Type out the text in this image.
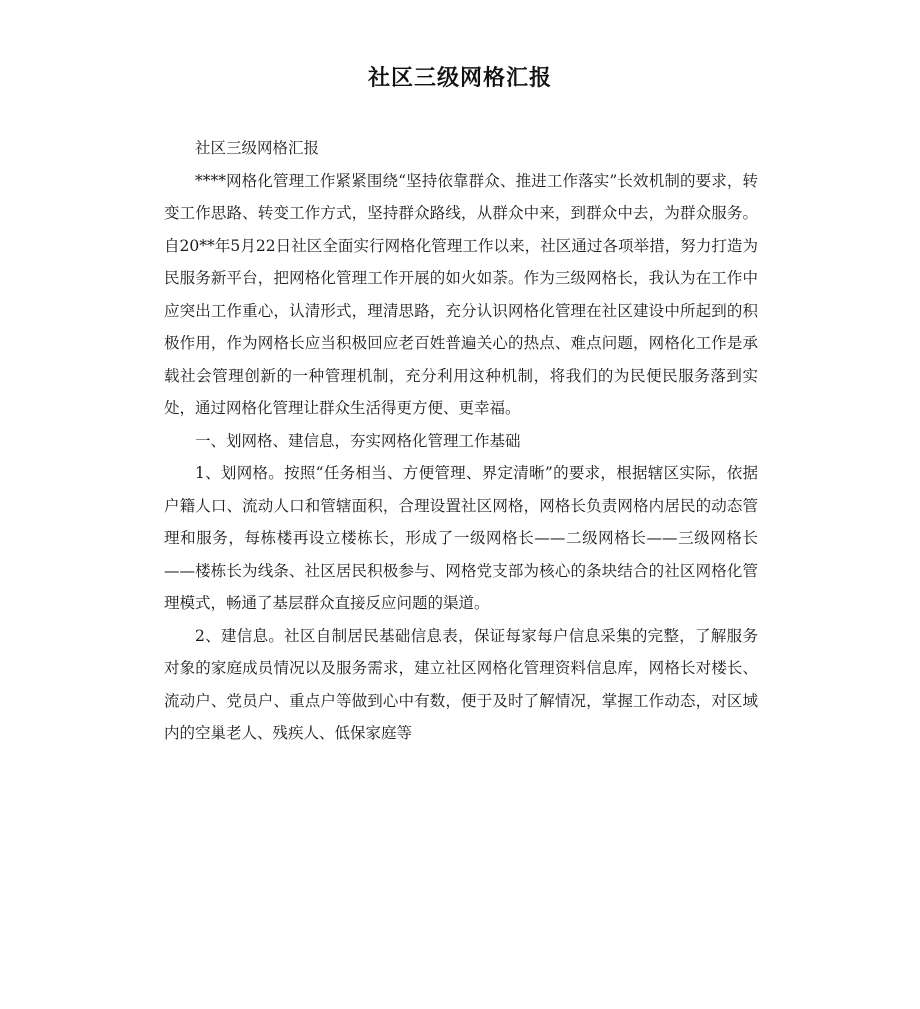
社区三级网格汇报

社区三级网格汇报

****网格化管理工作紧紧围绕“坚持依靠群众、推进工作落实”长效机制的要求，转变工作思路、转变工作方式，坚持群众路线，从群众中来，到群众中去，为群众服务。自20**年5月22日社区全面实行网格化管理工作以来，社区通过各项举措，努力打造为民服务新平台，把网格化管理工作开展的如火如荼。作为三级网格长，我认为在工作中应突出工作重心，认清形式，理清思路，充分认识网格化管理在社区建设中所起到的积极作用，作为网格长应当积极回应老百姓普遍关心的热点、难点问题，网格化工作是承载社会管理创新的一种管理机制，充分利用这种机制，将我们的为民便民服务落到实处，通过网格化管理让群众生活得更方便、更幸福。

一、划网格、建信息，夯实网格化管理工作基础

1、划网格。按照“任务相当、方便管理、界定清晰”的要求，根据辖区实际，依据户籍人口、流动人口和管辖面积，合理设置社区网格，网格长负责网格内居民的动态管理和服务，每栋楼再设立楼栋长，形成了一级网格长——二级网格长——三级网格长——楼栋长为线条、社区居民积极参与、网格党支部为核心的条块结合的社区网格化管理模式，畅通了基层群众直接反应问题的渠道。

2、建信息。社区自制居民基础信息表，保证每家每户信息采集的完整，了解服务对象的家庭成员情况以及服务需求，建立社区网格化管理资料信息库，网格长对楼长、流动户、党员户、重点户等做到心中有数，便于及时了解情况，掌握工作动态，对区域内的空巢老人、残疾人、低保家庭等
